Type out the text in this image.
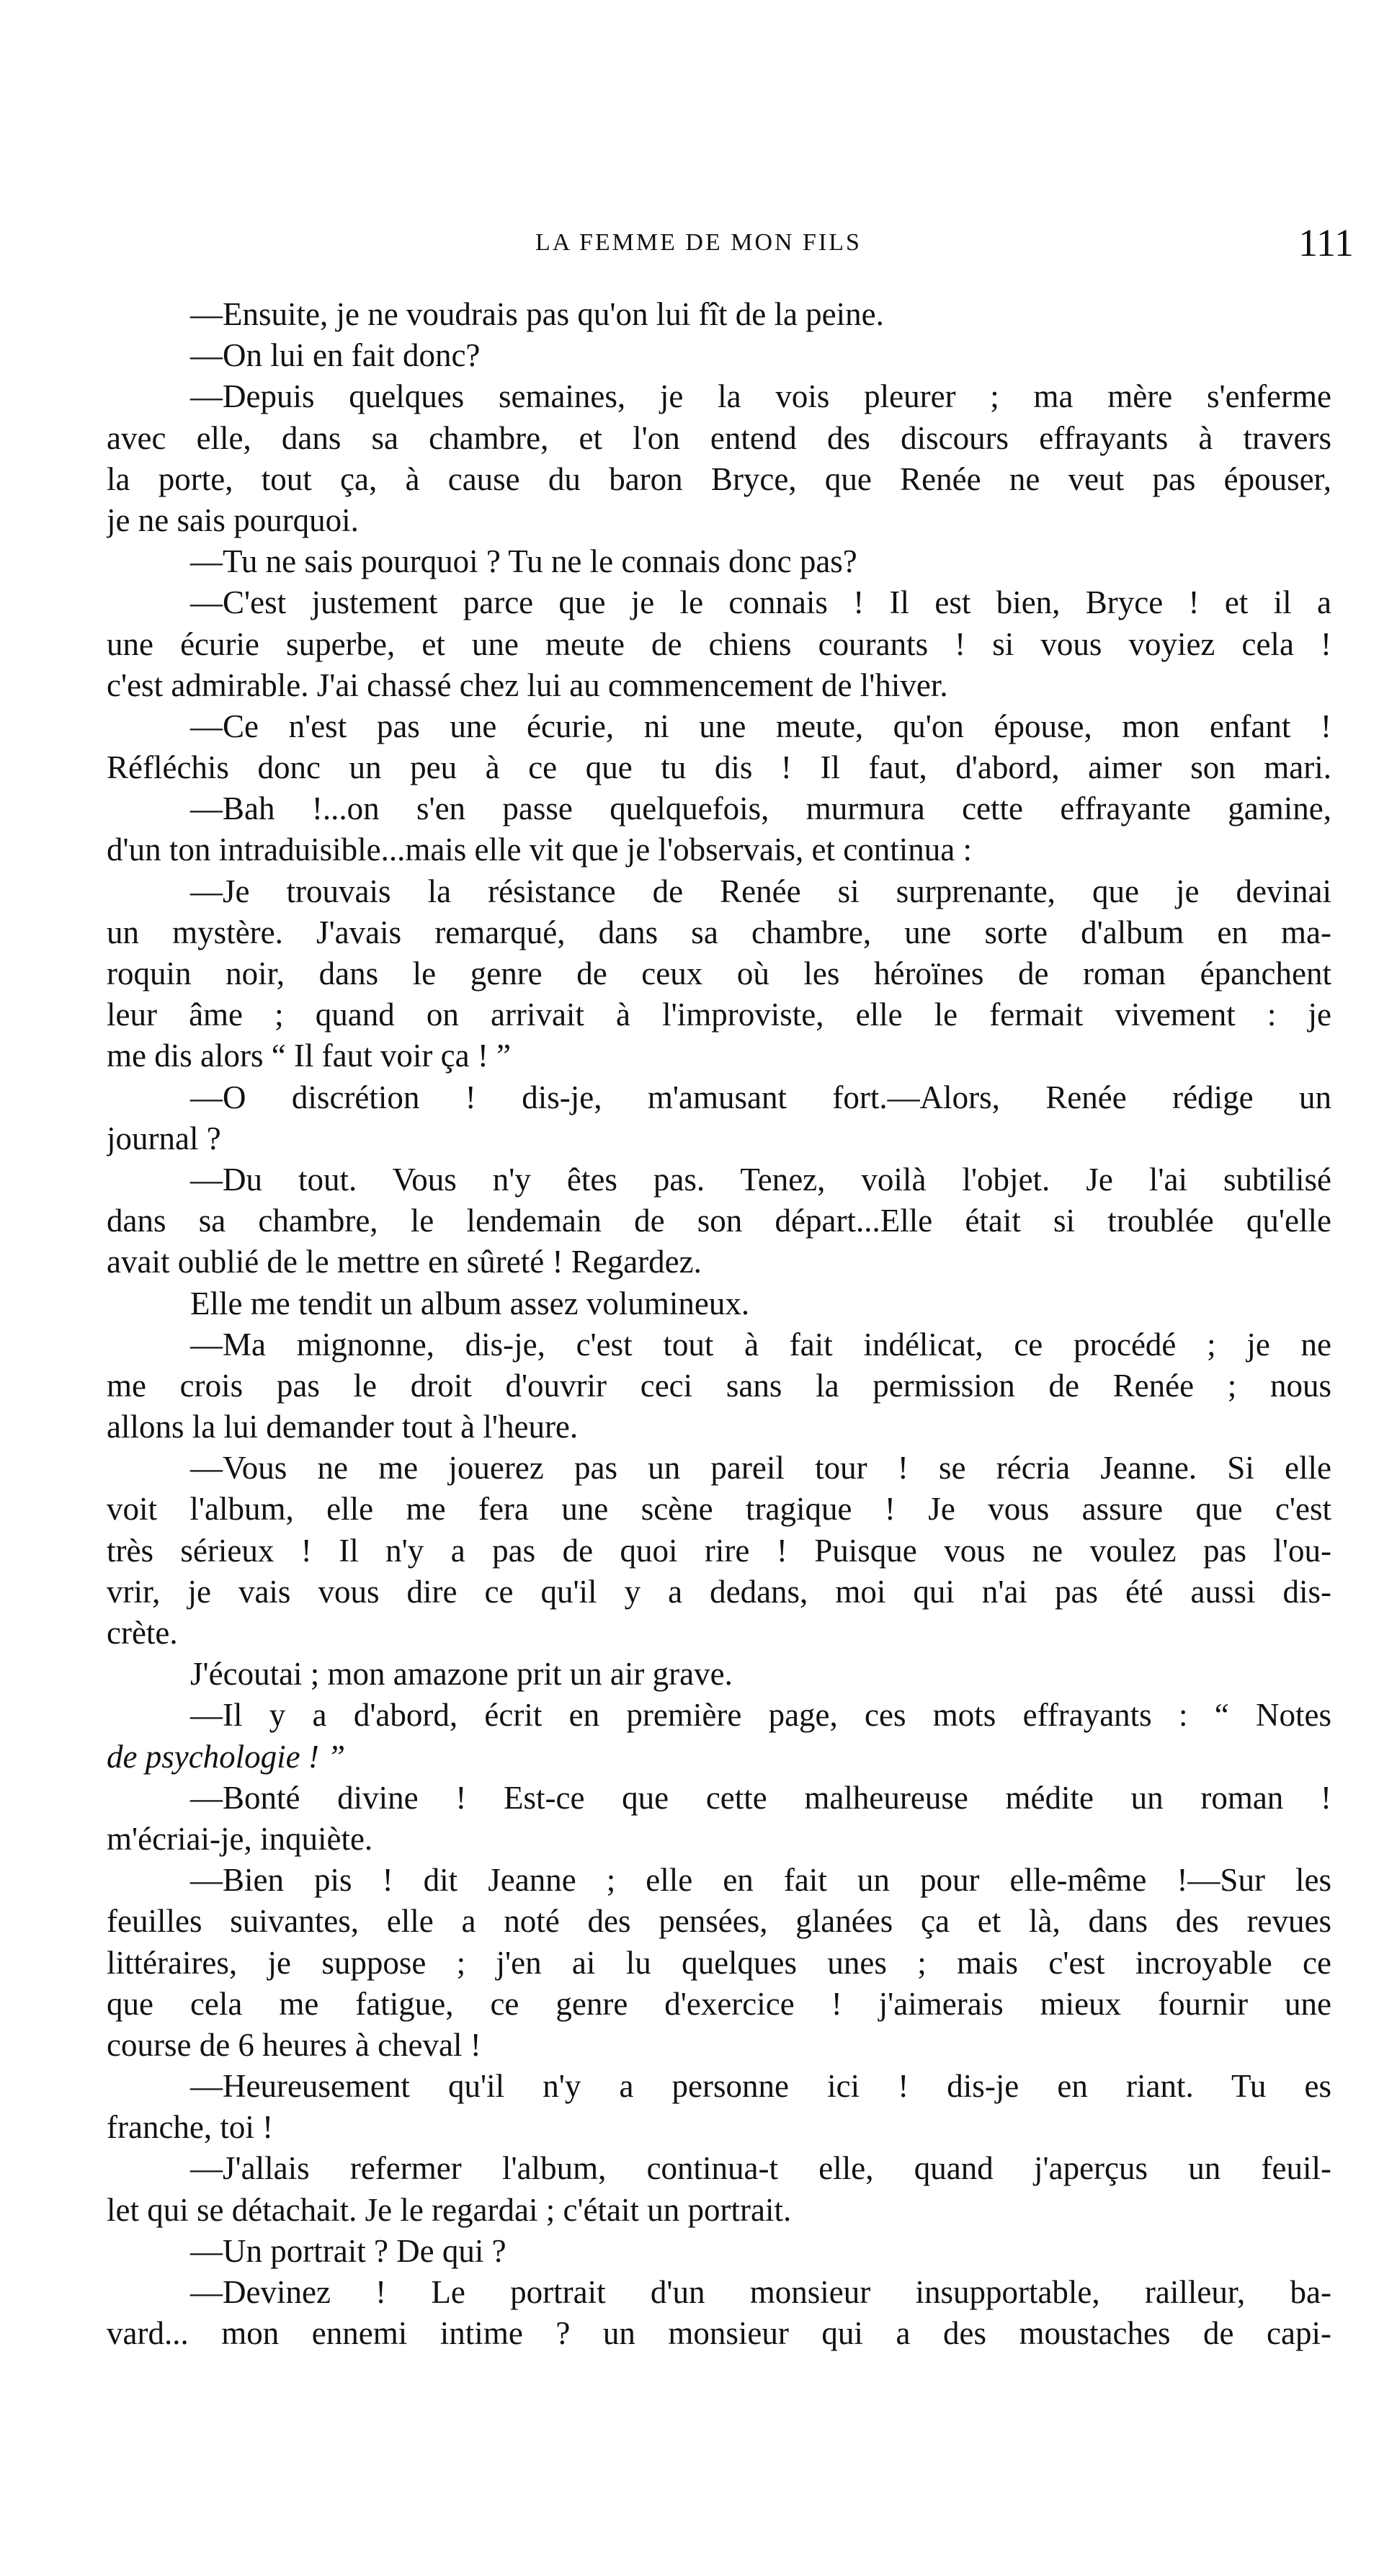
LA FEMME DE MON FILS	111
—Ensuite, je ne voudrais pas qu'on lui fît de la peine.
—On lui en fait donc?
—Depuis quelques semaines, je la vois pleurer ; ma mère s'enferme
avec elle, dans sa chambre, et l'on entend des discours effrayants à travers
la porte, tout ça, à cause du baron Bryce, que Renée ne veut pas épouser,
je ne sais pourquoi.
—Tu ne sais pourquoi ? Tu ne le connais donc pas?
—C'est justement parce que je le connais ! Il est bien, Bryce ! et il a
une écurie superbe, et une meute de chiens courants ! si vous voyiez cela !
c'est admirable. J'ai chassé chez lui au commencement de l'hiver.
—Ce n'est pas une écurie, ni une meute, qu'on épouse, mon enfant !
Réfléchis donc un peu à ce que tu dis ! Il faut, d'abord, aimer son mari.
—Bah !...on s'en passe quelquefois, murmura cette effrayante gamine,
d'un ton intraduisible...mais elle vit que je l'observais, et continua :
—Je trouvais la résistance de Renée si surprenante, que je devinai
un mystère. J'avais remarqué, dans sa chambre, une sorte d'album en ma-
roquin noir, dans le genre de ceux où les héroïnes de roman épanchent
leur âme ; quand on arrivait à l'improviste, elle le fermait vivement : je
me dis alors “ Il faut voir ça ! ”
—O discrétion ! dis-je, m'amusant fort.—Alors, Renée rédige un
journal ?
—Du tout. Vous n'y êtes pas. Tenez, voilà l'objet. Je l'ai subtilisé
dans sa chambre, le lendemain de son départ...Elle était si troublée qu'elle
avait oublié de le mettre en sûreté ! Regardez.
Elle me tendit un album assez volumineux.
—Ma mignonne, dis-je, c'est tout à fait indélicat, ce procédé ; je ne
me crois pas le droit d'ouvrir ceci sans la permission de Renée ; nous
allons la lui demander tout à l'heure.
—Vous ne me jouerez pas un pareil tour ! se récria Jeanne. Si elle
voit l'album, elle me fera une scène tragique ! Je vous assure que c'est
très sérieux ! Il n'y a pas de quoi rire ! Puisque vous ne voulez pas l'ou-
vrir, je vais vous dire ce qu'il y a dedans, moi qui n'ai pas été aussi dis-
crète.
J'écoutai ; mon amazone prit un air grave.
—Il y a d'abord, écrit en première page, ces mots effrayants : “ Notes
de psychologie ! ”
—Bonté divine ! Est-ce que cette malheureuse médite un roman !
m'écriai-je, inquiète.
—Bien pis ! dit Jeanne ; elle en fait un pour elle-même !—Sur les
feuilles suivantes, elle a noté des pensées, glanées ça et là, dans des revues
littéraires, je suppose ; j'en ai lu quelques unes ; mais c'est incroyable ce
que cela me fatigue, ce genre d'exercice ! j'aimerais mieux fournir une
course de 6 heures à cheval !
—Heureusement qu'il n'y a personne ici ! dis-je en riant. Tu es
franche, toi !
—J'allais refermer l'album, continua-t elle, quand j'aperçus un feuil-
let qui se détachait. Je le regardai ; c'était un portrait.
—Un portrait ? De qui ?
—Devinez ! Le portrait d'un monsieur insupportable, railleur, ba-
vard... mon ennemi intime ? un monsieur qui a des moustaches de capi-
